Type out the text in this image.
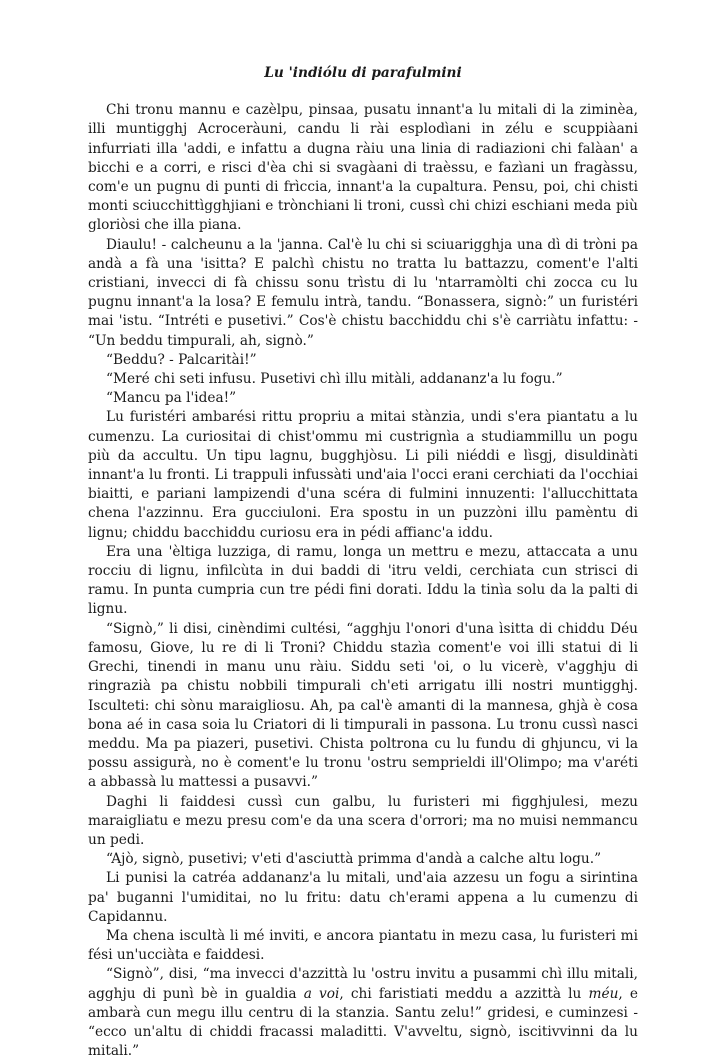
Lu 'indiólu di parafulmini

Chi tronu mannu e cazèlpu, pinsaa, pusatu innant'a lu mitali di la ziminèa, illi muntigghj Acroceràuni, candu li rài esplodìani in zélu e scuppiàani infurriati illa 'addi, e infattu a dugna ràiu una linia di radiazioni chi falàan' a bicchi e a corri, e risci d'èa chi si svagàani di traèssu, e fazìani un fragàssu, com'e un pugnu di punti di frìccia, innant'a la cupaltura. Pensu, poi, chi chisti monti sciucchittìgghjiani e trònchiani li troni, cussì chi chizi eschiani meda più gloriòsi che illa piana.

Diaulu! - calcheunu a la 'janna. Cal'è lu chi si sciuarigghja una dì di tròni pa andà a fà una 'isitta? E palchì chistu no tratta lu battazzu, coment'e l'alti cristiani, invecci di fà chissu sonu trìstu di lu 'ntarramòlti chi zocca cu lu pugnu innant'a la losa? E femulu intrà, tandu. “Bonassera, signò:” un furistéri mai 'istu. “Intréti e pusetivi.” Cos'è chistu bacchiddu chi s'è carriàtu infattu: - “Un beddu timpurali, ah, signò.”

“Beddu? - Palcaritài!”

“Meré chi seti infusu. Pusetivi chì illu mitàli, addananz'a lu fogu.”

“Mancu pa l'idea!”

Lu furistéri ambarési rittu propriu a mitai stànzia, undi s'era piantatu a lu cumenzu. La curiositai di chist'ommu mi custrignìa a studiammillu un pogu più da accultu. Un tipu lagnu, bugghjòsu. Li pili niéddi e lìsgj, disuldinàti innant'a lu fronti. Li trappuli infussàti und'aia l'occi erani cerchiati da l'occhiai biaitti, e pariani lampizendi d'una scéra di fulmini innuzenti: l'allucchittata chena l'azzinnu. Era gucciuloni. Era spostu in un puzzòni illu pamèntu di lignu; chiddu bacchiddu curiosu era in pédi affianc'a iddu.

Era una 'èltiga luzziga, di ramu, longa un mettru e mezu, attaccata a unu rocciu di lignu, infilcùta in dui baddi di 'itru veldi, cerchiata cun strisci di ramu. In punta cumpria cun tre pédi fini dorati. Iddu la tinìa solu da la palti di lignu.

“Signò,” li disi, cinèndimi cultési, “agghju l'onori d'una ìsitta di chiddu Déu famosu, Giove, lu re di li Troni? Chiddu stazìa coment'e voi illi statui di li Grechi, tinendi in manu unu ràiu. Siddu seti 'oi, o lu vicerè, v'agghju di ringrazià pa chistu nobbili timpurali ch'eti arrigatu illi nostri muntigghj. Isculteti: chi sònu maraigliosu. Ah, pa cal'è amanti di la mannesa, ghjà è cosa bona aé in casa soia lu Criatori di li timpurali in passona. Lu tronu cussì nasci meddu. Ma pa piazeri, pusetivi. Chista poltrona cu lu fundu di ghjuncu, vi la possu assigurà, no è coment'e lu tronu 'ostru semprieldi ill'Olimpo; ma v'aréti a abbassà lu mattessi a pusavvi.”

Daghi li faiddesi cussì cun galbu, lu furisteri mi figghjulesi, mezu maraigliatu e mezu presu com'e da una scera d'orrori; ma no muisi nemmancu un pedi.

“Ajò, signò, pusetivi; v'eti d'asciuttà primma d'andà a calche altu logu.”

Li punisi la catréa addananz'a lu mitali, und'aia azzesu un fogu a sirintina pa' buganni l'umiditai, no lu fritu: datu ch'erami appena a lu cumenzu di Capidannu.

Ma chena iscultà li mé inviti, e ancora piantatu in mezu casa, lu furisteri mi fési un'ucciàta e faiddesi.

“Signò”, disi, “ma invecci d'azzittà lu 'ostru invitu a pusammi chì illu mitali, agghju di punì bè in gualdia a voi, chi faristiati meddu a azzittà lu méu, e ambarà cun megu illu centru di la stanzia. Santu zelu!” gridesi, e cuminzesi - “ecco un'altu di chiddi fracassi maladitti. V'avveltu, signò, iscitivvinni da lu mitali.”
